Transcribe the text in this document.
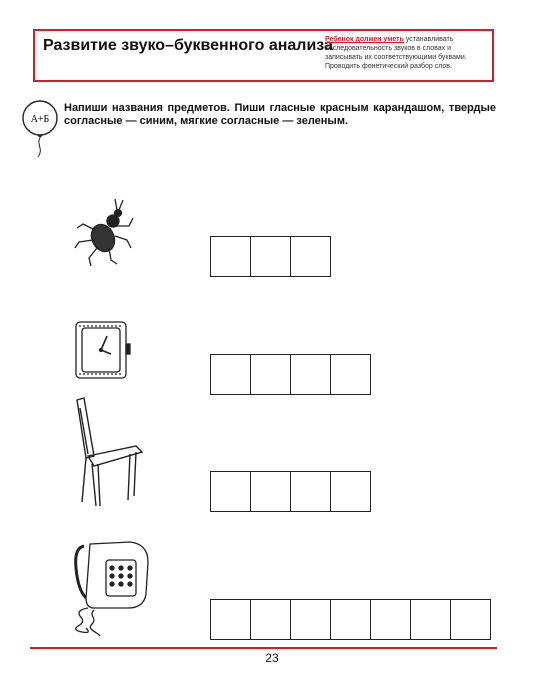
Развитие звуко–буквенного анализа
Ребенок должен уметь устанавливать последовательность звуков в словах и записывать их соответствующими буквами. Проводить фонетический разбор слов.
А+Б
Напиши названия предметов. Пиши гласные красным карандашом, твердые согласные — синим, мягкие согласные — зеленым.
23
